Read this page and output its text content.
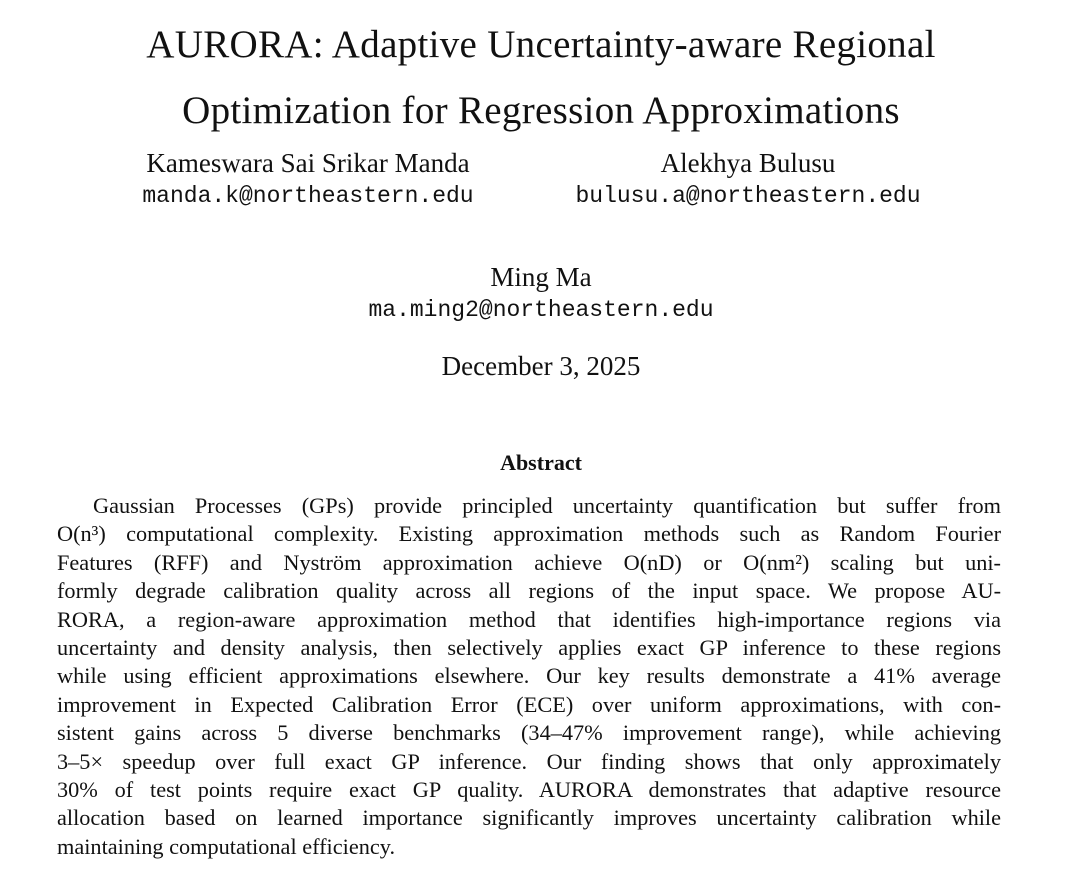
AURORA: Adaptive Uncertainty-aware Regional
Optimization for Regression Approximations
Kameswara Sai Srikar Manda
manda.k@northeastern.edu
Alekhya Bulusu
bulusu.a@northeastern.edu
Ming Ma
ma.ming2@northeastern.edu
December 3, 2025
Abstract
Gaussian Processes (GPs) provide principled uncertainty quantification but suffer from
O(n³) computational complexity. Existing approximation methods such as Random Fourier
Features (RFF) and Nyström approximation achieve O(nD) or O(nm²) scaling but uni-
formly degrade calibration quality across all regions of the input space. We propose AU-
RORA, a region-aware approximation method that identifies high-importance regions via
uncertainty and density analysis, then selectively applies exact GP inference to these regions
while using efficient approximations elsewhere. Our key results demonstrate a 41% average
improvement in Expected Calibration Error (ECE) over uniform approximations, with con-
sistent gains across 5 diverse benchmarks (34–47% improvement range), while achieving
3–5× speedup over full exact GP inference. Our finding shows that only approximately
30% of test points require exact GP quality. AURORA demonstrates that adaptive resource
allocation based on learned importance significantly improves uncertainty calibration while
maintaining computational efficiency.
